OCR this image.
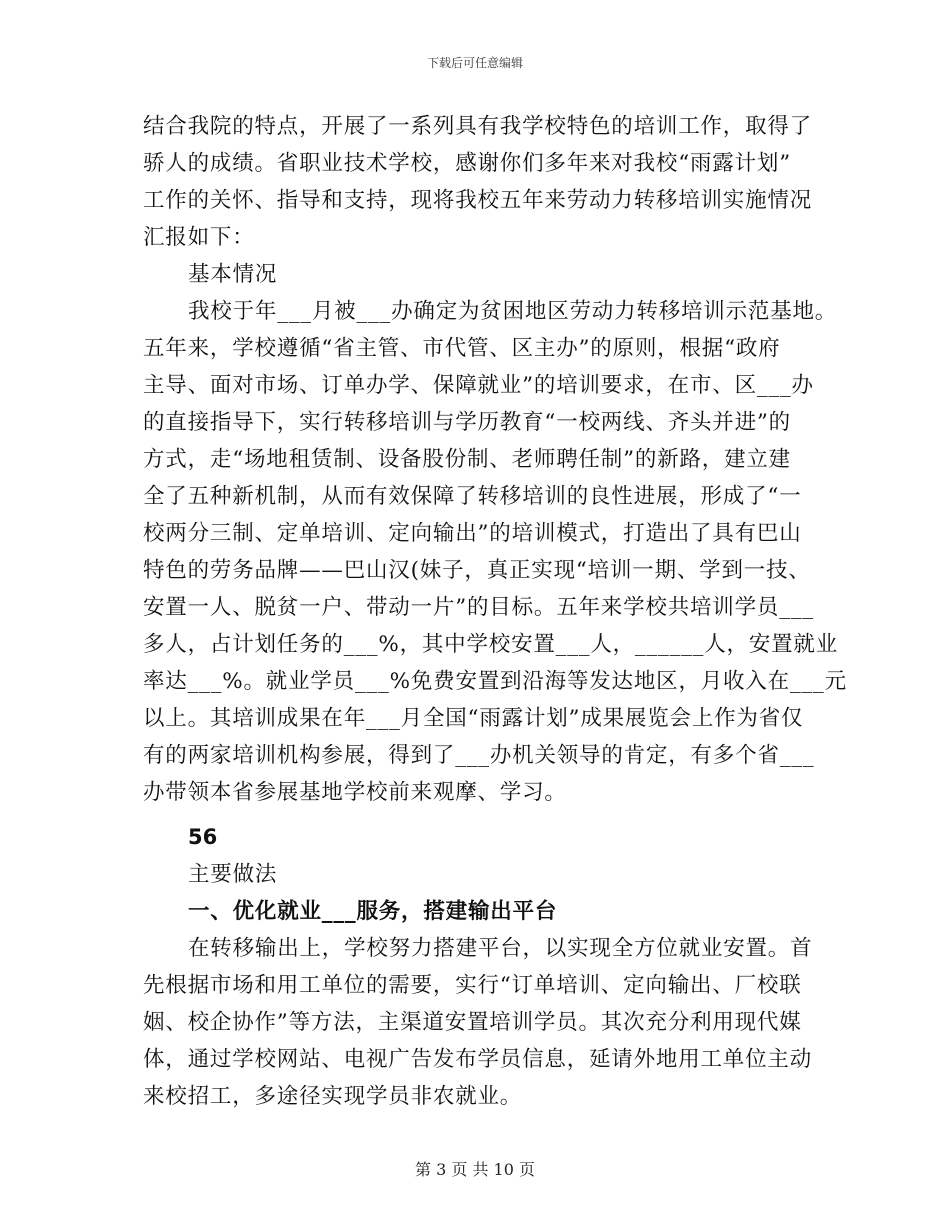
下载后可任意编辑
结合我院的特点，开展了一系列具有我学校特色的培训工作，取得了
骄人的成绩。省职业技术学校，感谢你们多年来对我校“雨露计划”
工作的关怀、指导和支持，现将我校五年来劳动力转移培训实施情况
汇报如下：
基本情况
我校于年___月被___办确定为贫困地区劳动力转移培训示范基地。
五年来，学校遵循“省主管、市代管、区主办”的原则，根据“政府
主导、面对市场、订单办学、保障就业”的培训要求，在市、区___办
的直接指导下，实行转移培训与学历教育“一校两线、齐头并进”的
方式，走“场地租赁制、设备股份制、老师聘任制”的新路，建立建
全了五种新机制，从而有效保障了转移培训的良性进展，形成了“一
校两分三制、定单培训、定向输出”的培训模式，打造出了具有巴山
特色的劳务品牌——巴山汉(妹子，真正实现“培训一期、学到一技、
安置一人、脱贫一户、带动一片”的目标。五年来学校共培训学员___
多人，占计划任务的___%，其中学校安置___人，______人，安置就业
率达___%。就业学员___%免费安置到沿海等发达地区，月收入在___元
以上。其培训成果在年___月全国“雨露计划”成果展览会上作为省仅
有的两家培训机构参展，得到了___办机关领导的肯定，有多个省___
办带领本省参展基地学校前来观摩、学习。
56
主要做法
一、优化就业___服务，搭建输出平台
在转移输出上，学校努力搭建平台，以实现全方位就业安置。首
先根据市场和用工单位的需要，实行“订单培训、定向输出、厂校联
姻、校企协作”等方法，主渠道安置培训学员。其次充分利用现代媒
体，通过学校网站、电视广告发布学员信息，延请外地用工单位主动
来校招工，多途径实现学员非农就业。
第 3 页 共 10 页
